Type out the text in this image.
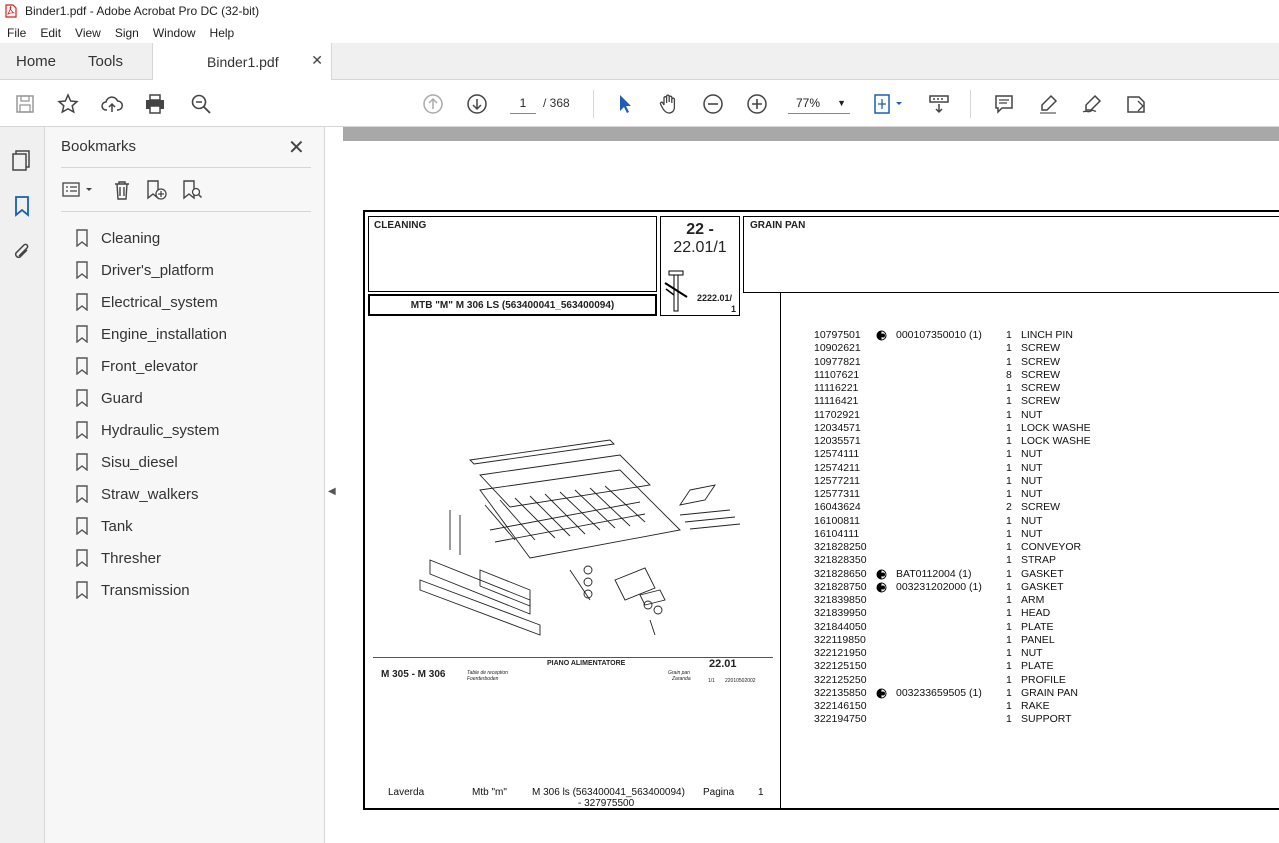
Binder1.pdf - Adobe Acrobat Pro DC (32-bit)
File	Edit	View	Sign	Window	Help
Home Tools	Binder1.pdf ✕
1	/ 368	77% ▼
Bookmarks	✕
Cleaning
Driver's_platform
Electrical_system
Engine_installation
Front_elevator
Guard
Hydraulic_system
Sisu_diesel
Straw_walkers
Tank
Thresher
Transmission
◀
CLEANING
MTB "M" M 306 LS (563400041_563400094)
22 -
22.01/1
2222.01/
1
GRAIN PAN
M 305 - M 306
PIANO ALIMENTATORE
Table de reception
Foerderboden
Grain pan
Zaranda
22.01
1/1 22010502002
10797501	000107350010 (1) 1 LINCH PIN
10902621	1 SCREW
10977821	1 SCREW
11107621	8 SCREW
11116221	1 SCREW
11116421	1 SCREW
11702921	1 NUT
12034571	1 LOCK WASHE
12035571	1 LOCK WASHE
12574111	1 NUT
12574211	1 NUT
12577211	1 NUT
12577311	1 NUT
16043624	2 SCREW
16100811	1 NUT
16104111	1 NUT
321828250	1 CONVEYOR
321828350	1 STRAP
321828650	BAT0112004 (1)	1 GASKET
321828750	003231202000 (1) 1 GASKET
321839850	1 ARM
321839950	1 HEAD
321844050	1 PLATE
322119850	1 PANEL
322121950	1 NUT
322125150	1 PLATE
322125250	1 PROFILE
322135850	003233659505 (1) 1 GRAIN PAN
322146150	1 RAKE
322194750	1 SUPPORT
Laverda	Mtb "m"	M 306 ls (563400041_563400094)
- 327975500
Pagina 1
